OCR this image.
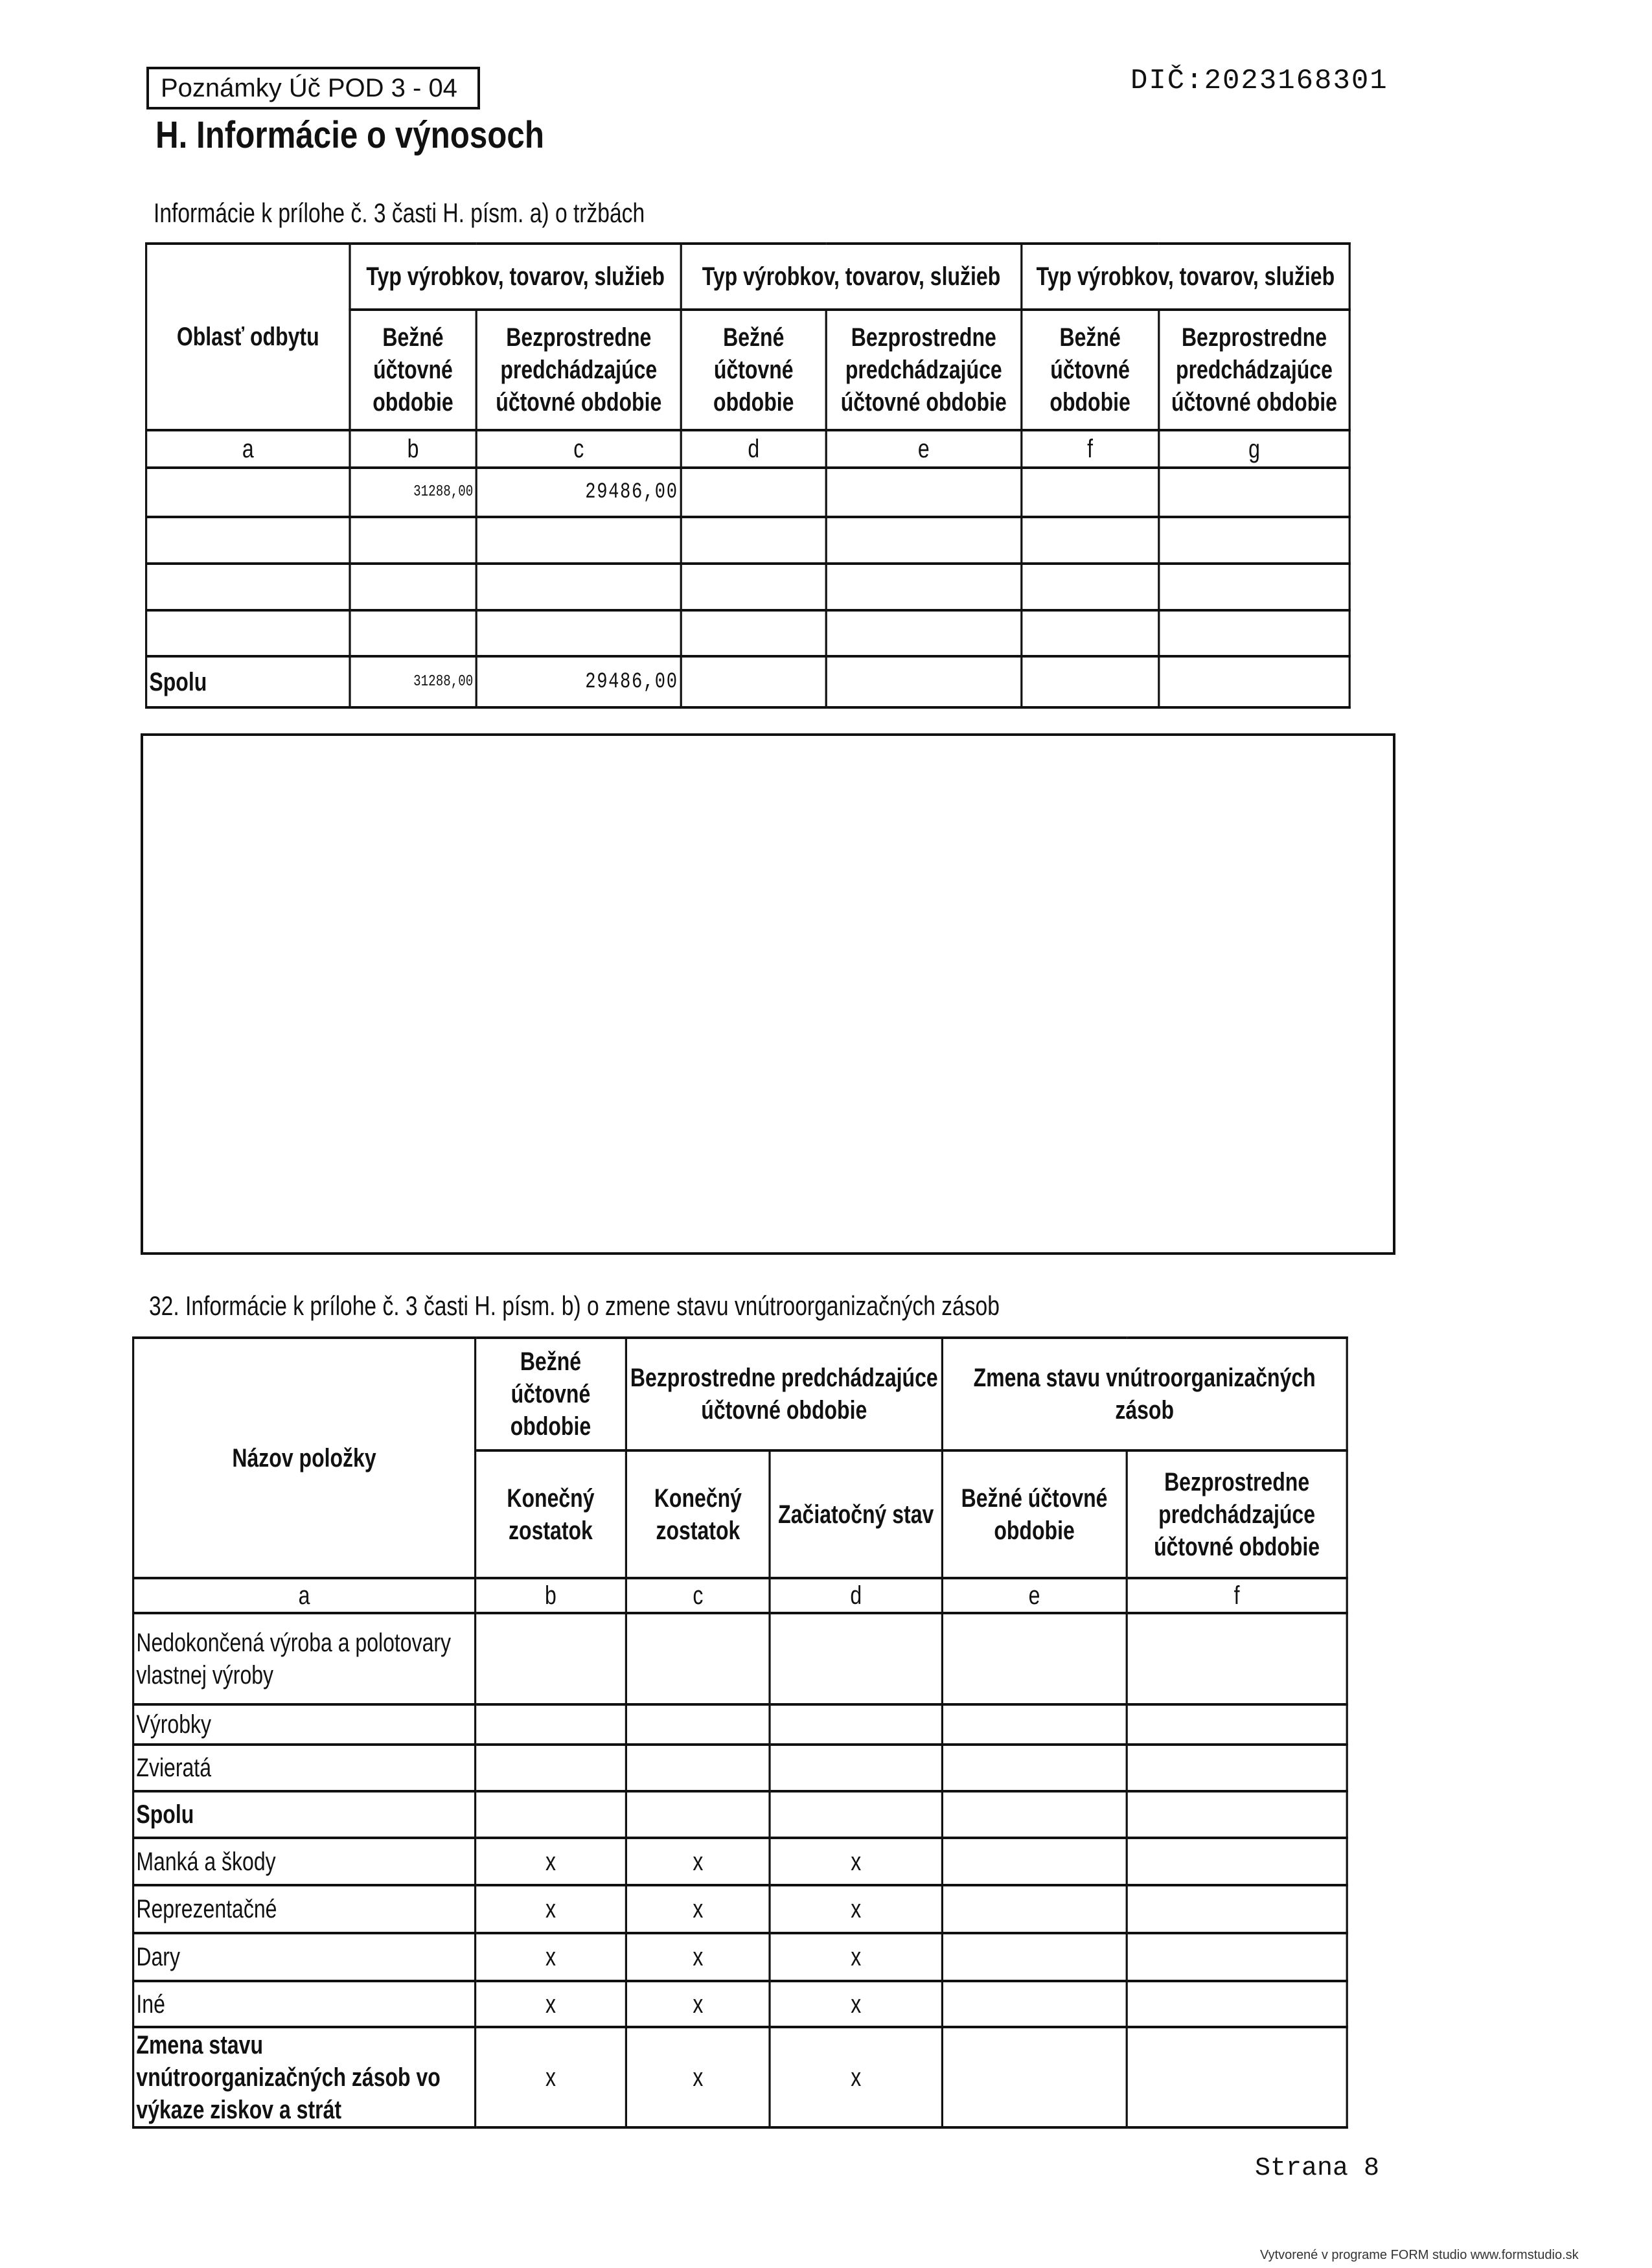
Poznámky Úč POD 3 - 04	DIČ:2023168301
H. Informácie o výnosoch
Informácie k prílohe č. 3 časti H. písm. a) o tržbách
Oblasť odbytu	Typ výrobkov, tovarov, služieb		Typ výrobkov, tovarov, služieb		Typ výrobkov, tovarov, služieb	
	Bežné účtovné obdobie	Bezprostredne predchádzajúce účtovné obdobie	Bežné účtovné obdobie	Bezprostredne predchádzajúce účtovné obdobie	Bežné účtovné obdobie	Bezprostredne predchádzajúce účtovné obdobie
a	b	c	d	e	f	g
	31288,00	29486,00				

Spolu	31288,00	29486,00				
32. Informácie k prílohe č. 3 časti H. písm. b) o zmene stavu vnútroorganizačných zásob
Názov položky	Bežné účtovné obdobie	Bezprostredne predchádzajúce účtovné obdobie		Zmena stavu vnútroorganizačných zásob	
	Konečný zostatok	Konečný zostatok	Začiatočný stav	Bežné účtovné obdobie	Bezprostredne predchádzajúce účtovné obdobie
a	b	c	d	e	f
Nedokončená výroba a polotovary vlastnej výroby					
Výrobky					
Zvieratá					
Spolu					
Manká a škody	x	x	x		
Reprezentačné	x	x	x		
Dary	x	x	x		
Iné	x	x	x		
Zmena stavu vnútroorganizačných zásob vo výkaze ziskov a strát	x	x	x		
Strana 8
Vytvorené v programe FORM studio www.formstudio.sk
